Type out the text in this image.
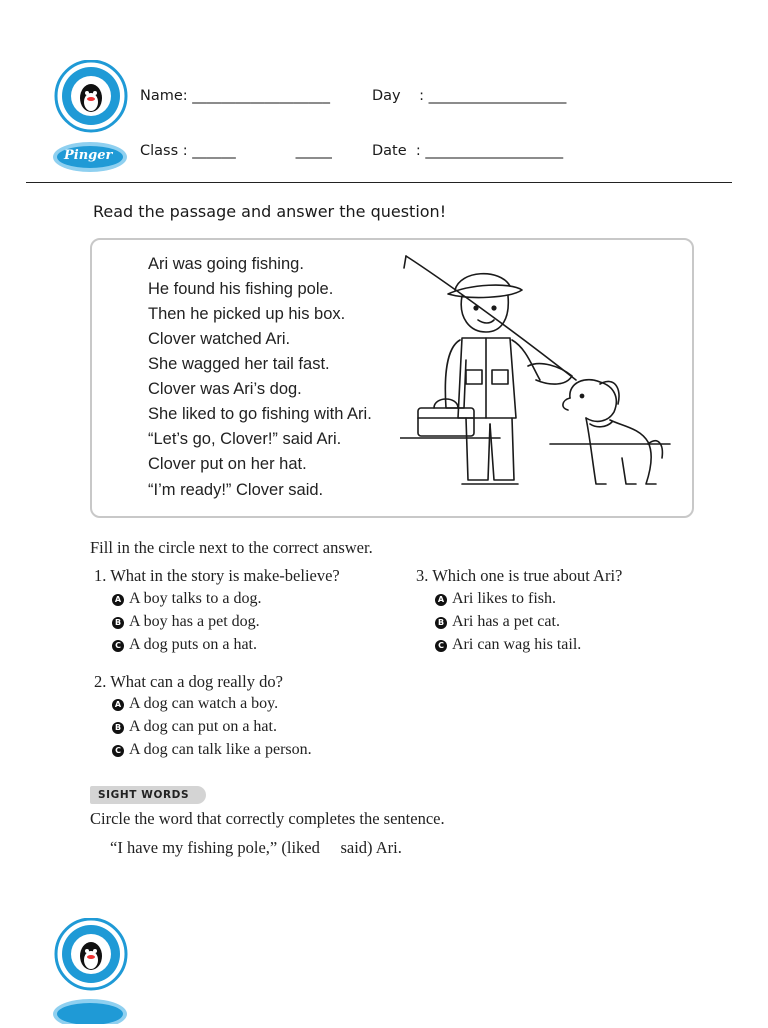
Pinger
Name: ___________________	Day    : ___________________
Class : ______             _____	Date  : ___________________
Read the passage and answer the question!
Ari was going fishing.
He found his fishing pole.
Then he picked up his box.
Clover watched Ari.
She wagged her tail fast.
Clover was Ari’s dog.
She liked to go fishing with Ari.
“Let’s go, Clover!” said Ari.
Clover put on her hat.
“I’m ready!” Clover said.
Fill in the circle next to the correct answer.
1. What in the story is make-believe?
A A boy talks to a dog.
B A boy has a pet dog.
C A dog puts on a hat.
2. What can a dog really do?
A A dog can watch a boy.
B A dog can put on a hat.
C A dog can talk like a person.
3. Which one is true about Ari?
A Ari likes to fish.
B Ari has a pet cat.
C Ari can wag his tail.
SIGHT WORDS
Circle the word that correctly completes the sentence.
“I have my fishing pole,” (liked     said) Ari.
